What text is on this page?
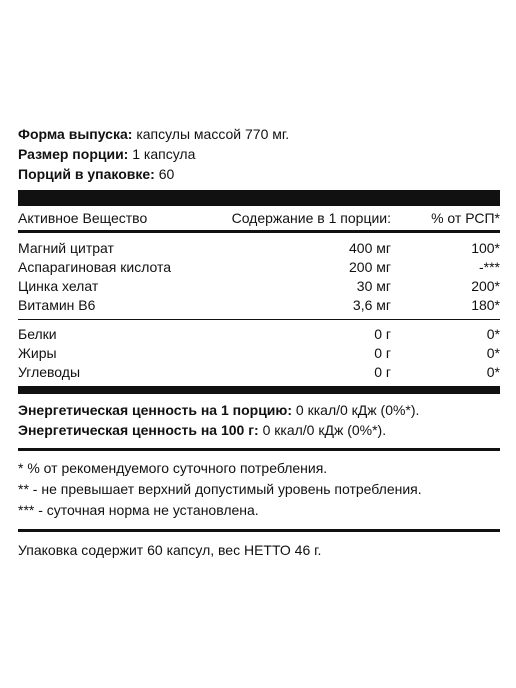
Форма выпуска: капсулы массой 770 мг.
Размер порции: 1 капсула
Порций в упаковке: 60
Активное Вещество	Содержание в 1 порции:	% от РСП*
Магний цитрат	400 мг	100*
Аспарагиновая кислота	200 мг	-***
Цинка хелат	30 мг	200*
Витамин B6	3,6 мг	180*
Белки	0 г	0*
Жиры	0 г	0*
Углеводы	0 г	0*
Энергетическая ценность на 1 порцию:
0 ккал/0 кДж (0%*).
Энергетическая ценность на 100 г:
0 ккал/0 кДж (0%*).
* % от рекомендуемого суточного потребления.
** - не превышает верхний допустимый уровень потребления.
*** - суточная норма не установлена.
Упаковка содержит 60 капсул, вес НЕТТО 46 г.
